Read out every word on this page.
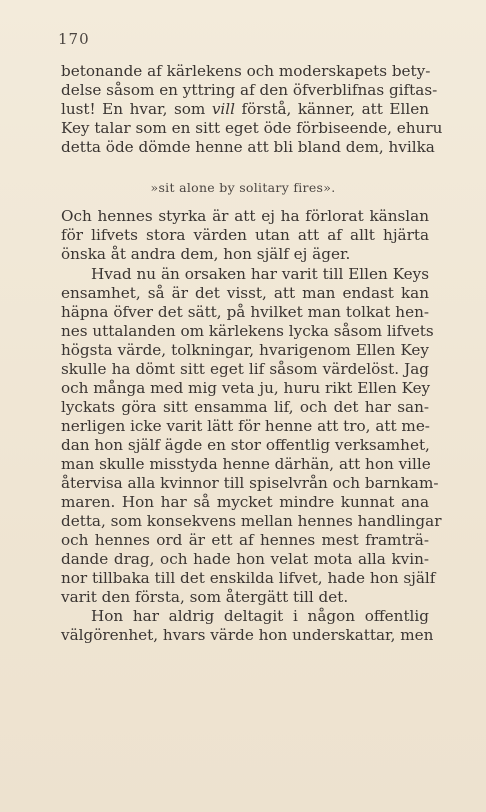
170
betonande af kärlekens och moderskapets bety-
delse såsom en yttring af den öfverblifnas giftas-
lust! En hvar, som vill förstå, känner, att Ellen
Key talar som en sitt eget öde förbiseende, ehuru
detta öde dömde henne att bli bland dem, hvilka
»sit alone by solitary fires».
Och hennes styrka är att ej ha förlorat känslan
för lifvets stora värden utan att af allt hjärta
önska åt andra dem, hon själf ej äger.
Hvad nu än orsaken har varit till Ellen Keys
ensamhet, så är det visst, att man endast kan
häpna öfver det sätt, på hvilket man tolkat hen-
nes uttalanden om kärlekens lycka såsom lifvets
högsta värde, tolkningar, hvarigenom Ellen Key
skulle ha dömt sitt eget lif såsom värdelöst. Jag
och många med mig veta ju, huru rikt Ellen Key
lyckats göra sitt ensamma lif, och det har san-
nerligen icke varit lätt för henne att tro, att me-
dan hon själf ägde en stor offentlig verksamhet,
man skulle misstyda henne därhän, att hon ville
återvisa alla kvinnor till spiselvrån och barnkam-
maren. Hon har så mycket mindre kunnat ana
detta, som konsekvens mellan hennes handlingar
och hennes ord är ett af hennes mest framträ-
dande drag, och hade hon velat mota alla kvin-
nor tillbaka till det enskilda lifvet, hade hon själf
varit den första, som återgätt till det.
Hon har aldrig deltagit i någon offentlig
välgörenhet, hvars värde hon underskattar, men
